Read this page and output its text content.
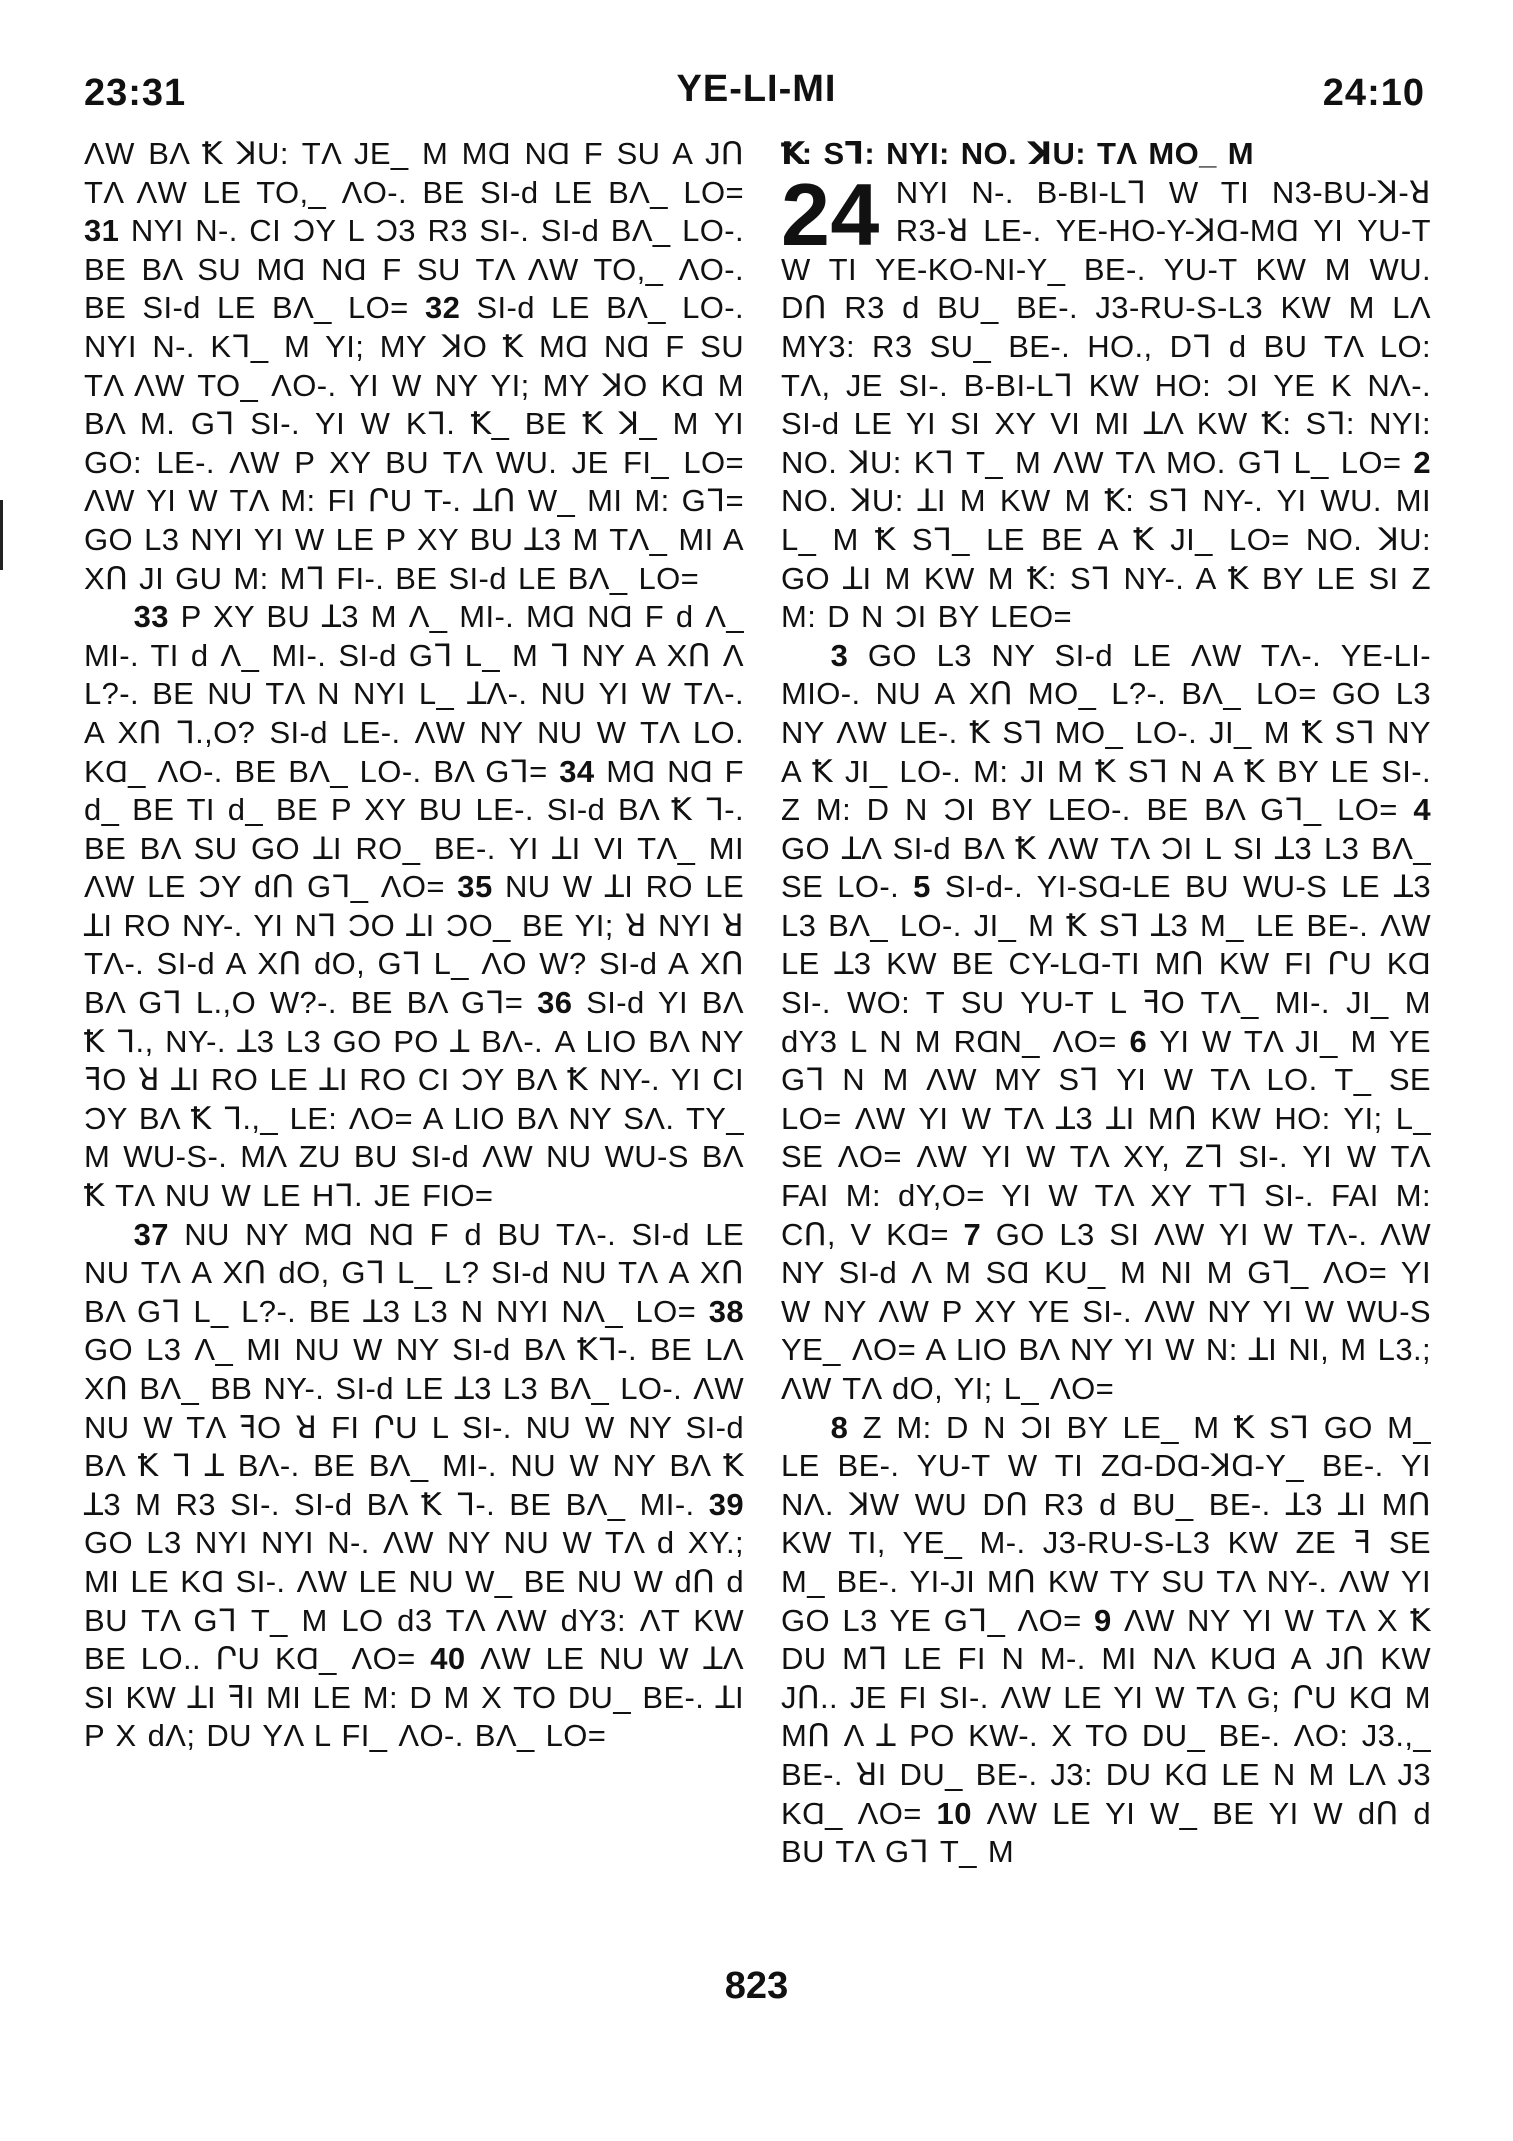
23:31	YE-LI-MI	24:10

ΛW BΛ Ꝁ ꓘU: TΛ JE_ M MⱭ NⱭ F SU A JՈ TΛ ΛW LE TO,_ ΛO-. BE SI-d LE BΛ_ LO= 31 NYI N-. CI ƆY L Ɔ3 R3 SI-. SI-d BΛ_ LO-. BE BΛ SU MⱭ NⱭ F SU TΛ ΛW TO,_ ΛO-. BE SI-d LE BΛ_ LO= 32 SI-d LE BΛ_ LO-. NYI N-. Kᒣ_ M YI; MY ꓘO Ꝁ MⱭ NⱭ F SU TΛ ΛW TO_ ΛO-. YI W NY YI; MY ꓘO KⱭ M BΛ M. Gᒣ SI-. YI W Kᒣ. Ꝁ_ BE Ꝁ ꓘ_ M YI GO: LE-. ΛW P XY BU TΛ WU. JE FI_ LO= ΛW YI W TΛ M: FI ՐU T-. ꓕՈ W_ MI M: Gᒣ= GO L3 NYI YI W LE P XY BU ꓕ3 M TΛ_ MI A XՈ JI GU M: Mᒣ FI-. BE SI-d LE BΛ_ LO=

33 P XY BU ꓕ3 M Λ_ MI-. MⱭ NⱭ F d Λ_ MI-. TI d Λ_ MI-. SI-d Gᒣ L_ M ᒣ NY A XՈ Λ L?-. BE NU TΛ N NYI L_ ꓕΛ-. NU YI W TΛ-. A XՈ ᒣ.,O? SI-d LE-. ΛW NY NU W TΛ LO. KⱭ_ ΛO-. BE BΛ_ LO-. BΛ Gᒣ= 34 MⱭ NⱭ F d_ BE TI d_ BE P XY BU LE-. SI-d BΛ Ꝁ ᒣ-. BE BΛ SU GO ꓕI RO_ BE-. YI ꓕI VI TΛ_ MI ΛW LE ƆY dՈ Gᒣ_ ΛO= 35 NU W ꓕI RO LE ꓕI RO NY-. YI Nᒣ ƆO ꓕI ƆO_ BE YI; ꓤ NYI ꓤ TΛ-. SI-d A XՈ dO, Gᒣ L_ ΛO W? SI-d A XՈ BΛ Gᒣ L.,O W?-. BE BΛ Gᒣ= 36 SI-d YI BΛ Ꝁ ᒣ., NY-. ꓕ3 L3 GO PO ꓕ BΛ-. A LIO BΛ NY ꟻO ꓤ ꓕI RO LE ꓕI RO CI ƆY BΛ Ꝁ NY-. YI CI ƆY BΛ Ꝁ ᒣ.,_ LE: ΛO= A LIO BΛ NY SΛ. TY_ M WU-S-. MΛ ZU BU SI-d ΛW NU WU-S BΛ Ꝁ TΛ NU W LE Hᒣ. JE FIO=

37 NU NY MⱭ NⱭ F d BU TΛ-. SI-d LE NU TΛ A XՈ dO, Gᒣ L_ L? SI-d NU TΛ A XՈ BΛ Gᒣ L_ L?-. BE ꓕ3 L3 N NYI NΛ_ LO= 38 GO L3 Λ_ MI NU W NY SI-d BΛ Ꝁᒣ-. BE LΛ XՈ BΛ_ BB NY-. SI-d LE ꓕ3 L3 BΛ_ LO-. ΛW NU W TΛ ꟻO ꓤ FI ՐU L SI-. NU W NY SI-d BΛ Ꝁ ᒣ ꓕ BΛ-. BE BΛ_ MI-. NU W NY BΛ Ꝁ ꓕ3 M R3 SI-. SI-d BΛ Ꝁ ᒣ-. BE BΛ_ MI-. 39 GO L3 NYI NYI N-. ΛW NY NU W TΛ d XY.; MI LE KⱭ SI-. ΛW LE NU W_ BE NU W dՈ d BU TΛ Gᒣ T_ M LO d3 TΛ ΛW dY3: ΛT KW BE LO.. ՐU KⱭ_ ΛO= 40 ΛW LE NU W ꓕΛ SI KW ꓕI ꟻI MI LE M: D M X TO DU_ BE-. ꓕI P X dΛ; DU YΛ L FI_ ΛO-. BΛ_ LO=

Ꝁ: Sᒣ: NYI: NO. ꓘU: TΛ MO_ M

24 NYI N-. B-BI-Lᒣ W TI N3-BU-ꓘ-ꓤ R3-ꓤ LE-. YE-HO-Y-ꓘⱭ-MⱭ YI YU-T W TI YE-KO-NI-Y_ BE-. YU-T KW M WU. DՈ R3 d BU_ BE-. J3-RU-S-L3 KW M LΛ MY3: R3 SU_ BE-. HO., Dᒣ d BU TΛ LO: TΛ, JE SI-. B-BI-Lᒣ KW HO: ƆI YE K NΛ-. SI-d LE YI SI XY VI MI ꓕΛ KW Ꝁ: Sᒣ: NYI: NO. ꓘU: Kᒣ T_ M ΛW TΛ MO. Gᒣ L_ LO= 2 NO. ꓘU: ꓕI M KW M Ꝁ: Sᒣ NY-. YI WU. MI L_ M Ꝁ Sᒣ_ LE BE A Ꝁ JI_ LO= NO. ꓘU: GO ꓕI M KW M Ꝁ: Sᒣ NY-. A Ꝁ BY LE SI Z M: D N ƆI BY LEO=

3 GO L3 NY SI-d LE ΛW TΛ-. YE-LI-MIO-. NU A XՈ MO_ L?-. BΛ_ LO= GO L3 NY ΛW LE-. Ꝁ Sᒣ MO_ LO-. JI_ M Ꝁ Sᒣ NY A Ꝁ JI_ LO-. M: JI M Ꝁ Sᒣ N A Ꝁ BY LE SI-. Z M: D N ƆI BY LEO-. BE BΛ Gᒣ_ LO= 4 GO ꓕΛ SI-d BΛ Ꝁ ΛW TΛ ƆI L SI ꓕ3 L3 BΛ_ SE LO-. 5 SI-d-. YI-SⱭ-LE BU WU-S LE ꓕ3 L3 BΛ_ LO-. JI_ M Ꝁ Sᒣ ꓕ3 M_ LE BE-. ΛW LE ꓕ3 KW BE CY-LⱭ-TI MՈ KW FI ՐU KⱭ SI-. WO: T SU YU-T L ꟻO TΛ_ MI-. JI_ M dY3 L N M RⱭN_ ΛO= 6 YI W TΛ JI_ M YE Gᒣ N M ΛW MY Sᒣ YI W TΛ LO. T_ SE LO= ΛW YI W TΛ ꓕ3 ꓕI MՈ KW HO: YI; L_ SE ΛO= ΛW YI W TΛ XY, Zᒣ SI-. YI W TΛ FAI M: dY,O= YI W TΛ XY Tᒣ SI-. FAI M: CՈ, V KⱭ= 7 GO L3 SI ΛW YI W TΛ-. ΛW NY SI-d Λ M SⱭ KU_ M NI M Gᒣ_ ΛO= YI W NY ΛW P XY YE SI-. ΛW NY YI W WU-S YE_ ΛO= A LIO BΛ NY YI W N: ꓕI NI, M L3.; ΛW TΛ dO, YI; L_ ΛO=

8 Z M: D N ƆI BY LE_ M Ꝁ Sᒣ GO M_ LE BE-. YU-T W TI ZⱭ-DⱭ-ꓘⱭ-Y_ BE-. YI NΛ. ꓘW WU DՈ R3 d BU_ BE-. ꓕ3 ꓕI MՈ KW TI, YE_ M-. J3-RU-S-L3 KW ZE ꟻ SE M_ BE-. YI-JI MՈ KW TY SU TΛ NY-. ΛW YI GO L3 YE Gᒣ_ ΛO= 9 ΛW NY YI W TΛ X Ꝁ DU Mᒣ LE FI N M-. MI NΛ KUⱭ A JՈ KW JՈ.. JE FI SI-. ΛW LE YI W TΛ G; ՐU KⱭ M MՈ Λ ꓕ PO KW-. X TO DU_ BE-. ΛO: J3.,_ BE-. ꓤI DU_ BE-. J3: DU KⱭ LE N M LΛ J3 KⱭ_ ΛO= 10 ΛW LE YI W_ BE YI W dՈ d BU TΛ Gᒣ T_ M

823
